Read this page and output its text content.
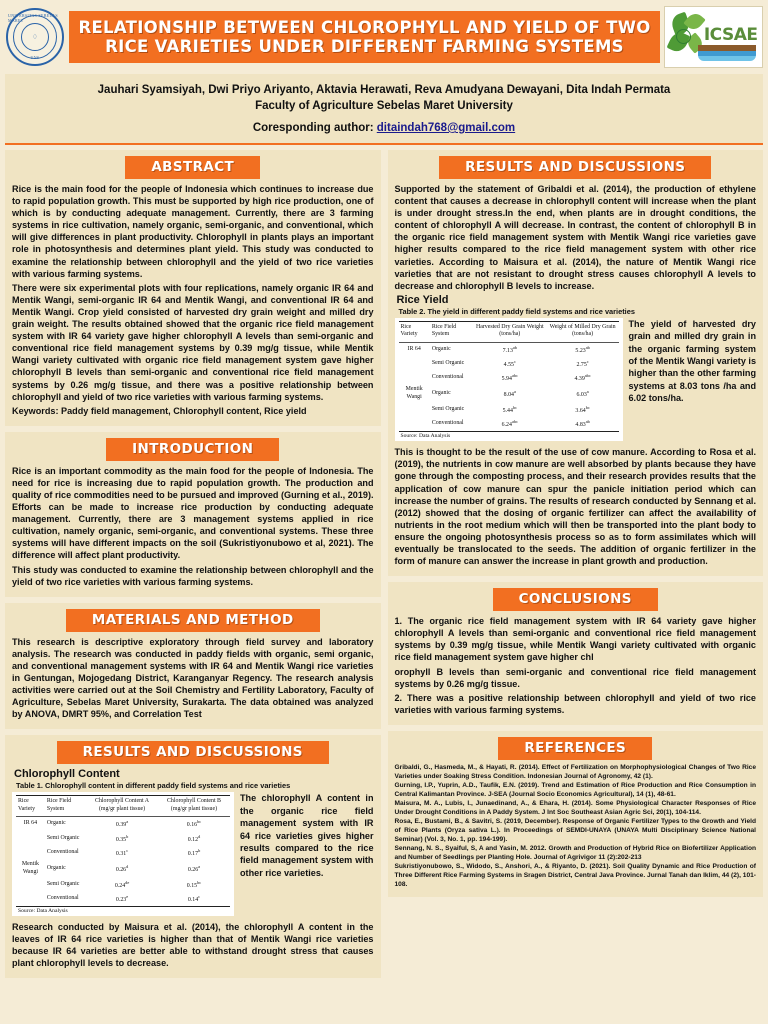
UNIVERSITAS SEBELAS MARET
♢
UNS
RELATIONSHIP BETWEEN CHLOROPHYLL AND YIELD OF TWO RICE VARIETIES UNDER DIFFERENT FARMING SYSTEMS
ICSAE
Jauhari Syamsiyah, Dwi Priyo Ariyanto, Aktavia Herawati, Reva Amudyana Dewayani, Dita Indah Permata
Faculty of Agriculture Sebelas Maret University
Coresponding author: ditaindah768@gmail.com
ABSTRACT

Rice is the main food for the people of Indonesia which continues to increase due to rapid population growth. This must be supported by high rice production, one of which is by conducting adequate management. Currently, there are 3 farming systems in rice cultivation, namely organic, semi-organic, and conventional, which will give differences in plant productivity. Chlorophyll in plants plays an important role in photosynthesis and determines plant yield. This study was conducted to examine the relationship between chlorophyll and the yield of two rice varieties with various farming systems.

There were six experimental plots with four replications, namely organic IR 64 and Mentik Wangi, semi-organic IR 64 and Mentik Wangi, and conventional IR 64 and Mentik Wangi. Crop yield consisted of harvested dry grain weight and milled dry grain weight. The results obtained showed that the organic rice field management system with IR 64 variety gave higher chlorophyll A levels than semi-organic and conventional rice field management systems by 0.39 mg/g tissue, while Mentik Wangi variety cultivated with organic rice field management system gave higher chlorophyll B levels than semi-organic and conventional rice field management systems by 0.26 mg/g tissue, and there was a positive relationship between chlorophyll and yield of two rice varieties with various farming systems.

Keywords: Paddy field management, Chlorophyll content, Rice yield

INTRODUCTION

Rice is an important commodity as the main food for the people of Indonesia. The need for rice is increasing due to rapid population growth. The production and quality of rice commodities need to be pursued and improved (Gurning et al., 2019). Efforts can be made to increase rice production by conducting adequate management. Currently, there are 3 management systems applied in rice cultivation, namely organic, semi-organic, and conventional systems. These three systems will have different impacts on the soil (Sukristiyonubowo et al, 2021). The difference will affect plant productivity.

This study was conducted to examine the relationship between chlorophyll and the yield of two rice varieties with various farming systems.

MATERIALS AND METHOD

This research is descriptive exploratory through field survey and laboratory analysis. The research was conducted in paddy fields with organic, semi organic, and conventional management systems with IR 64 and Mentik Wangi rice varieties in Gentungan, Mojogedang District, Karanganyar Regency. The research analysis activities were carried out at the Soil Chemistry and Fertility Laboratory, Faculty of Agriculture, Sebelas Maret University, Surakarta. The data obtained was analyzed by ANOVA, DMRT 95%, and Correlation Test

RESULTS AND DISCUSSIONS
Chlorophyll Content
Table 1. Chlorophyll content in different paddy field systems and rice varieties
Rice Variety	Rice Field System	Chlorophyll Content A (mg/gr plant tissue)	Chlorophyll Content B (mg/gr plant tissue)
IR 64	Organic	0.39$^a$	0.16$^{bc}$
	Semi Organic	0.35$^b$	0.12$^d$
	Conventional	0.31$^c$	0.17$^b$
Mentik Wangi	Organic	0.26$^d$	0.26$^a$
	Semi Organic	0.24de	0.15$^{bc}$
	Conventional	0.23e	0.14$^c$
Source: Data Analysis
The chlorophyll A content in the organic rice field management system with IR 64 rice varieties gives higher results compared to the rice field management system with other rice varieties.

Research conducted by Maisura et al. (2014), the chlorophyll A content in the leaves of IR 64 rice varieties is higher than that of Mentik Wangi rice varieties because IR 64 varieties are better able to withstand drought stress that causes plant chlorophyll levels to decrease.

RESULTS AND DISCUSSIONS

Supported by the statement of Gribaldi et al. (2014), the production of ethylene content that causes a decrease in chlorophyll content will increase when the plant is under drought stress.In the end, when plants are in drought conditions, the content of chlorophyll A will decrease. In contrast, the content of chlorophyll B in the organic rice field management system with Mentik Wangi rice varieties gave higher results compared to the rice field management system with other rice varieties. According to Maisura et al. (2014), the nature of Mentik Wangi rice varieties that are not resistant to drought stress causes chlorophyll A levels to decrease and chlorophyll B levels to increase.

Rice Yield
Table 2. The yield in different paddy field systems and rice varieties
Rice Variety	Rice Field System	Harvested Dry Grain Weight (tons/ha)	Weight of Milled Dry Grain (tons/ha)
IR 64	Organic	7.13$^{ab}$	5.23$^{ab}$
	Semi Organic	4.55$^c$	2.75$^c$
	Conventional	5.94$^{abc}$	4.39$^{abc}$
Mentik Wangi	Organic	8.04$^a$	6.03$^a$
	Semi Organic	5.44$^{bc}$	3.64$^{bc}$
	Conventional	6.24$^{abc}$	4.83$^{ab}$
Source: Data Analysis
The yield of harvested dry grain and milled dry grain in the organic farming system of the Mentik Wangi variety is higher than the other farming systems at 8.03 tons /ha and 6.02 tons/ha.

This is thought to be the result of the use of cow manure. According to Rosa et al. (2019), the nutrients in cow manure are well absorbed by plants because they have gone through the composting process, and their research provides results that the application of cow manure can spur the panicle initiation period which can increase the number of grains. The results of research conducted by Sennang et al. (2012) showed that the dosing of organic fertilizer can affect the availability of nutrients in the root medium which will then be transported into the plant body to ensure the ongoing photosynthesis process so as to form assimilates which will eventually be translocated to the seeds. The addition of organic fertilizer in the form of manure can answer the increase in plant growth and production.

CONCLUSIONS

1. The organic rice field management system with IR 64 variety gave higher chlorophyll A levels than semi-organic and conventional rice field management systems by 0.39 mg/g tissue, while Mentik Wangi variety cultivated with organic rice field management system gave higher chl

orophyll B levels than semi-organic and conventional rice field management systems by 0.26 mg/g tissue.

2. There was a positive relationship between chlorophyll and yield of two rice varieties with various farming systems.

REFERENCES

Gribaldi, G., Hasmeda, M., & Hayati, R. (2014). Effect of Fertilization on Morphophysiological Changes of Two Rice Varieties under Soaking Stress Condition. Indonesian Journal of Agronomy, 42 (1).

Gurning, I.P., Yuprin, A.D., Taufik, E.N. (2019). Trend and Estimation of Rice Production and Rice Consumption in Central Kalimantan Province. J-SEA (Journal Socio Economics Agricultural), 14 (1), 48-61.

Maisura, M. A., Lubis, I., Junaedinand, A., & Ehara, H. (2014). Some Physiological Character Responses of Rice Under Drought Conditions in A Paddy System. J Int Soc Southeast Asian Agric Sci, 20(1), 104-114.

Rosa, E., Bustami, B., & Savitri, S. (2019, December). Response of Organic Fertilizer Types to the Growth and Yield of Rice Plants (Oryza sativa L.). In Proceedings of SEMDI-UNAYA (UNAYA Multi Disciplinary Science National Seminar) (Vol. 3, No. 1, pp. 194-199).

Sennang, N. S., Syaiful, S, A and Yasin, M. 2012. Growth and Production of Hybrid Rice on Biofertilizer Application and Number of Seedlings per Planting Hole. Journal of Agrivigor 11 (2):202-213

Sukristiyonubowo, S., Widodo, S., Anshori, A., & Riyanto, D. (2021). Soil Quality Dynamic and Rice Production of Three Different Rice Farming Systems in Sragen District, Central Java Province. Jurnal Tanah dan Iklim, 44 (2), 101-108.
